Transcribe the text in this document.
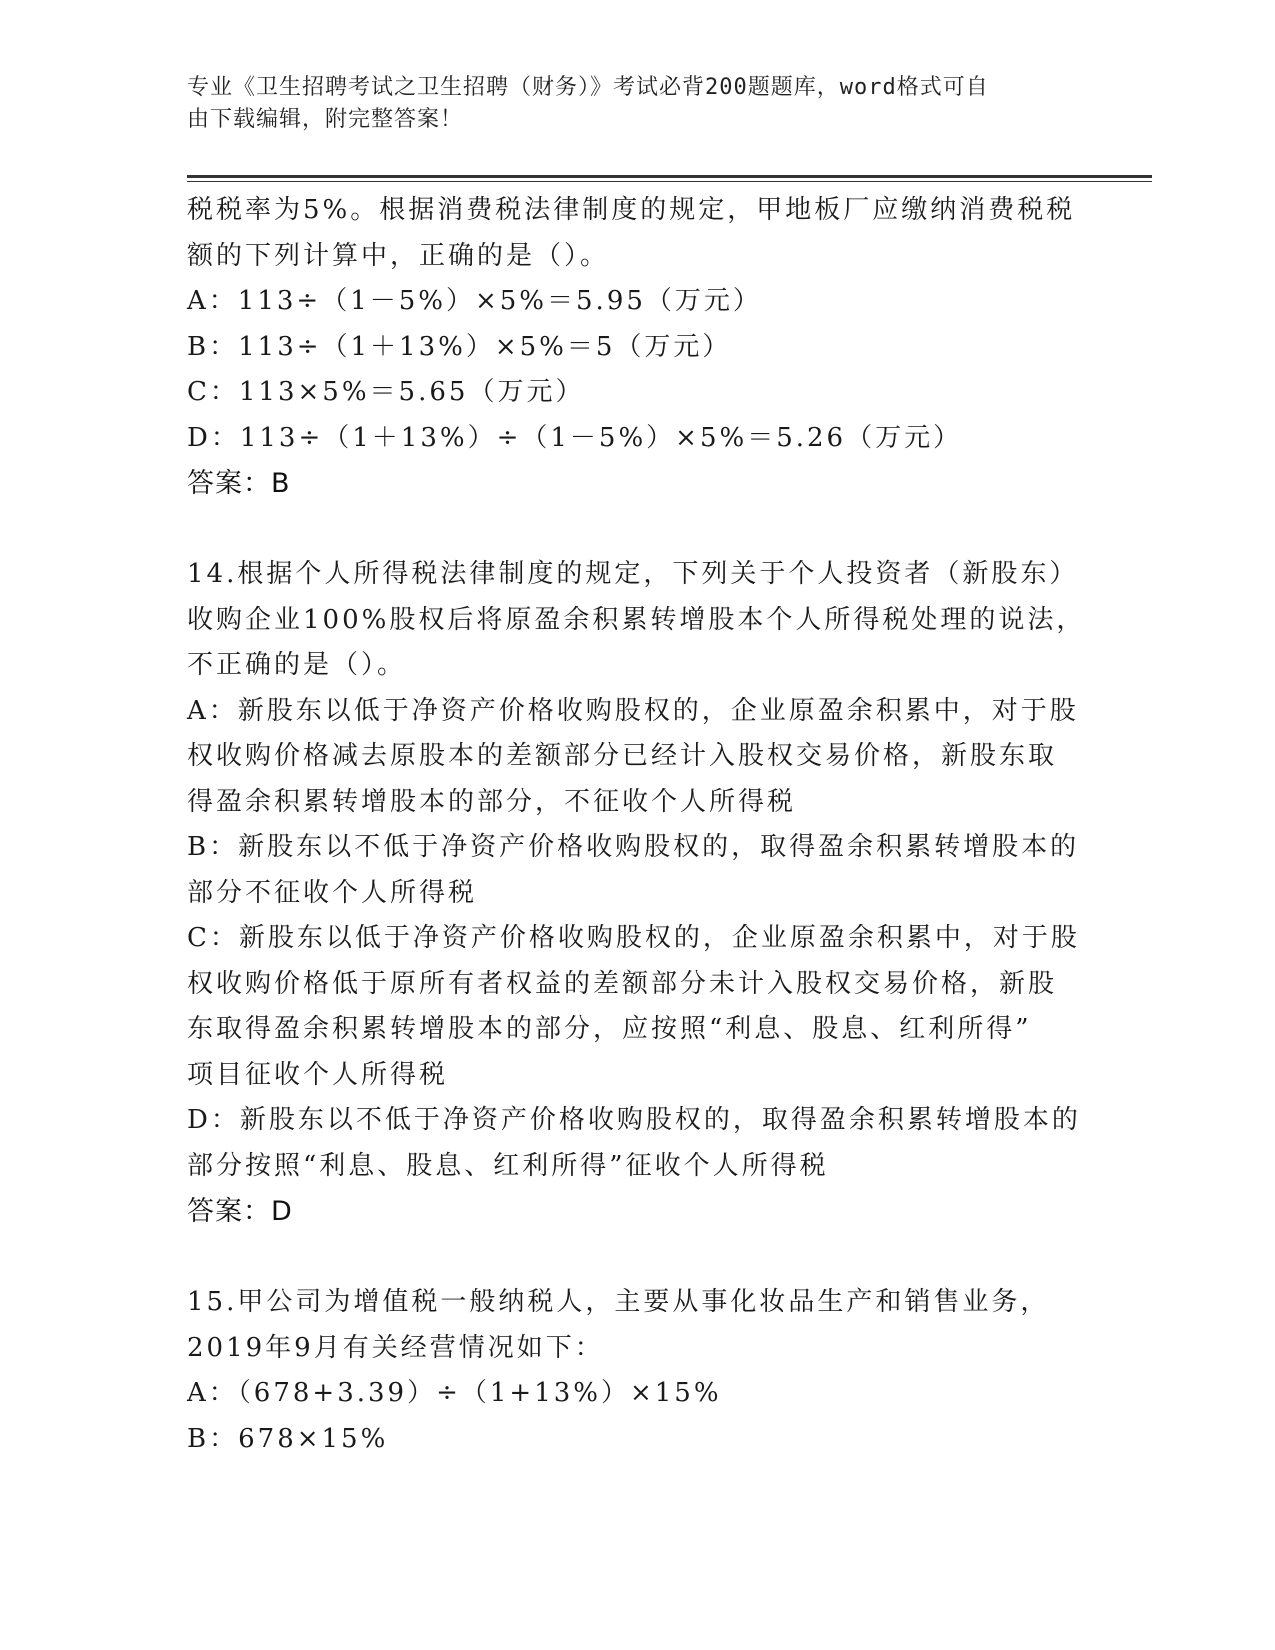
专业《卫生招聘考试之卫生招聘（财务）》考试必背200题题库，word格式可自
由下载编辑，附完整答案！
税税率为5%。根据消费税法律制度的规定，甲地板厂应缴纳消费税税
额的下列计算中，正确的是（）。
A：113÷（1－5%）×5%＝5.95（万元）
B：113÷（1＋13%）×5%＝5（万元）
C：113×5%＝5.65（万元）
D：113÷（1＋13%）÷（1－5%）×5%＝5.26（万元）
答案：B
14.根据个人所得税法律制度的规定，下列关于个人投资者（新股东）
收购企业100%股权后将原盈余积累转增股本个人所得税处理的说法，
不正确的是（）。
A：新股东以低于净资产价格收购股权的，企业原盈余积累中，对于股
权收购价格减去原股本的差额部分已经计入股权交易价格，新股东取
得盈余积累转增股本的部分，不征收个人所得税
B：新股东以不低于净资产价格收购股权的，取得盈余积累转增股本的
部分不征收个人所得税
C：新股东以低于净资产价格收购股权的，企业原盈余积累中，对于股
权收购价格低于原所有者权益的差额部分未计入股权交易价格，新股
东取得盈余积累转增股本的部分，应按照“利息、股息、红利所得”
项目征收个人所得税
D：新股东以不低于净资产价格收购股权的，取得盈余积累转增股本的
部分按照“利息、股息、红利所得”征收个人所得税
答案：D
15.甲公司为增值税一般纳税人，主要从事化妆品生产和销售业务，
2019年9月有关经营情况如下：
A：（678+3.39）÷（1+13%）×15%
B：678×15%
